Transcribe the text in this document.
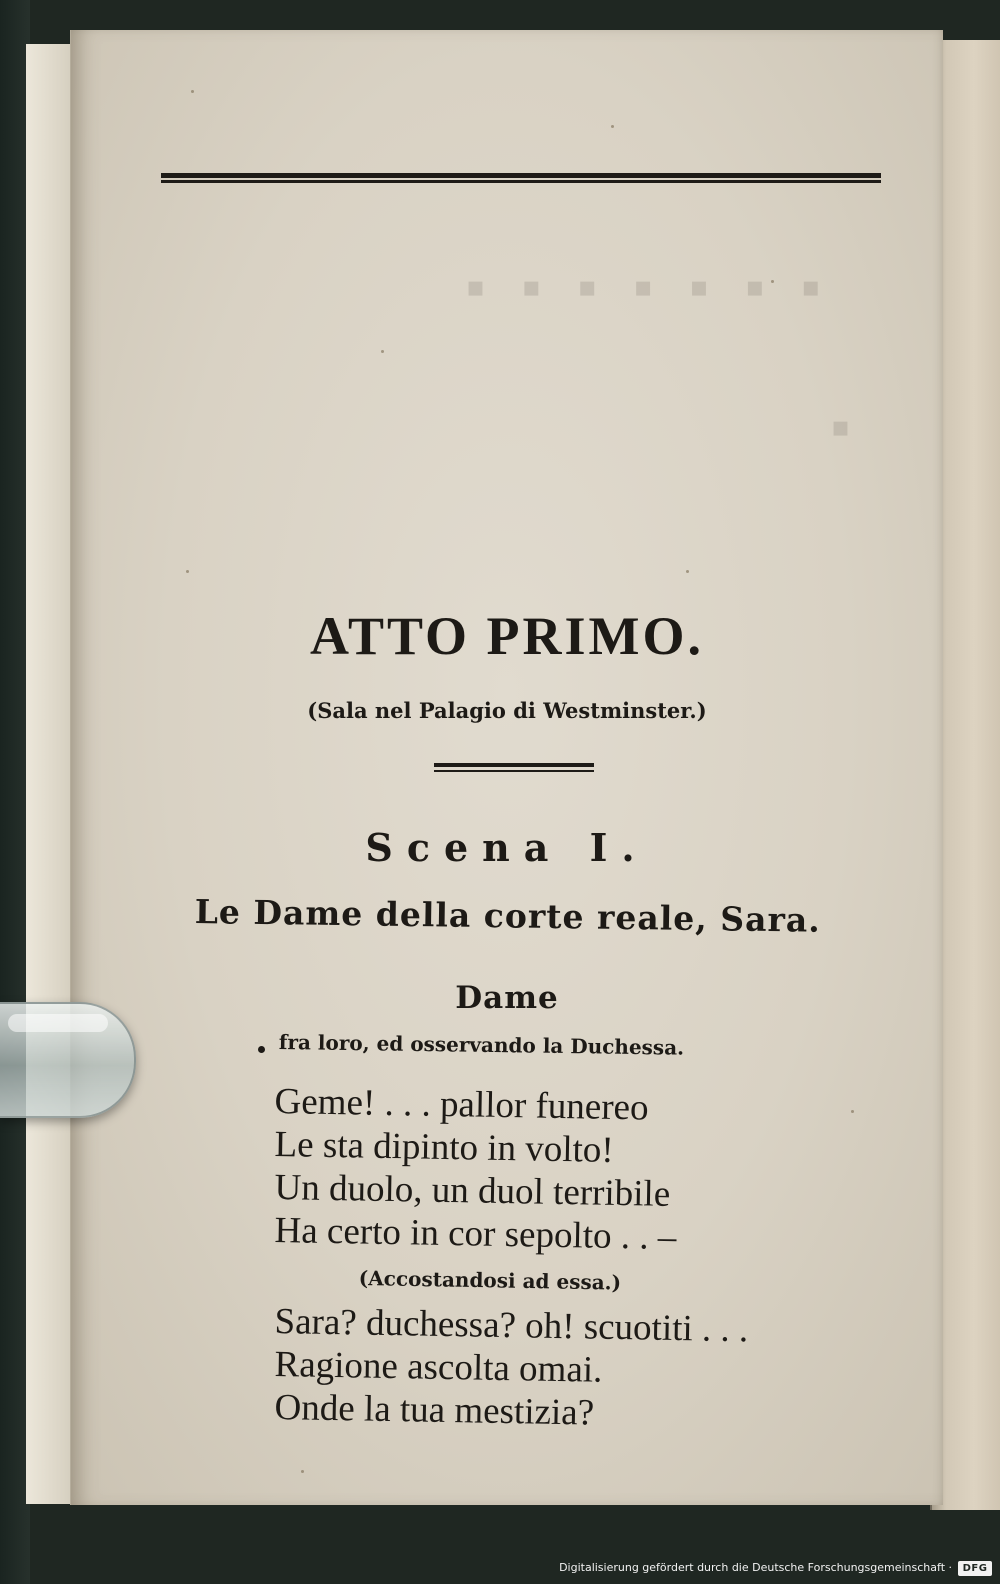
▪ ▪ ▪ ▪ ▪ ▪ ▪
▪
ATTO PRIMO.
(Sala nel Palagio di Westminster.)
Scena I.
Le Dame della corte reale, Sara.
Dame
fra loro, ed osservando la Duchessa.
Geme! . . . pallor funereo
Le sta dipinto in volto!
Un duolo, un duol terribile
Ha certo in cor sepolto . . –
(Accostandosi ad essa.)
Sara? duchessa? oh! scuotiti . . .
Ragione ascolta omai.
Onde la tua mestizia?
Digitalisierung gefördert durch die Deutsche Forschungsgemeinschaft ·	DFG
